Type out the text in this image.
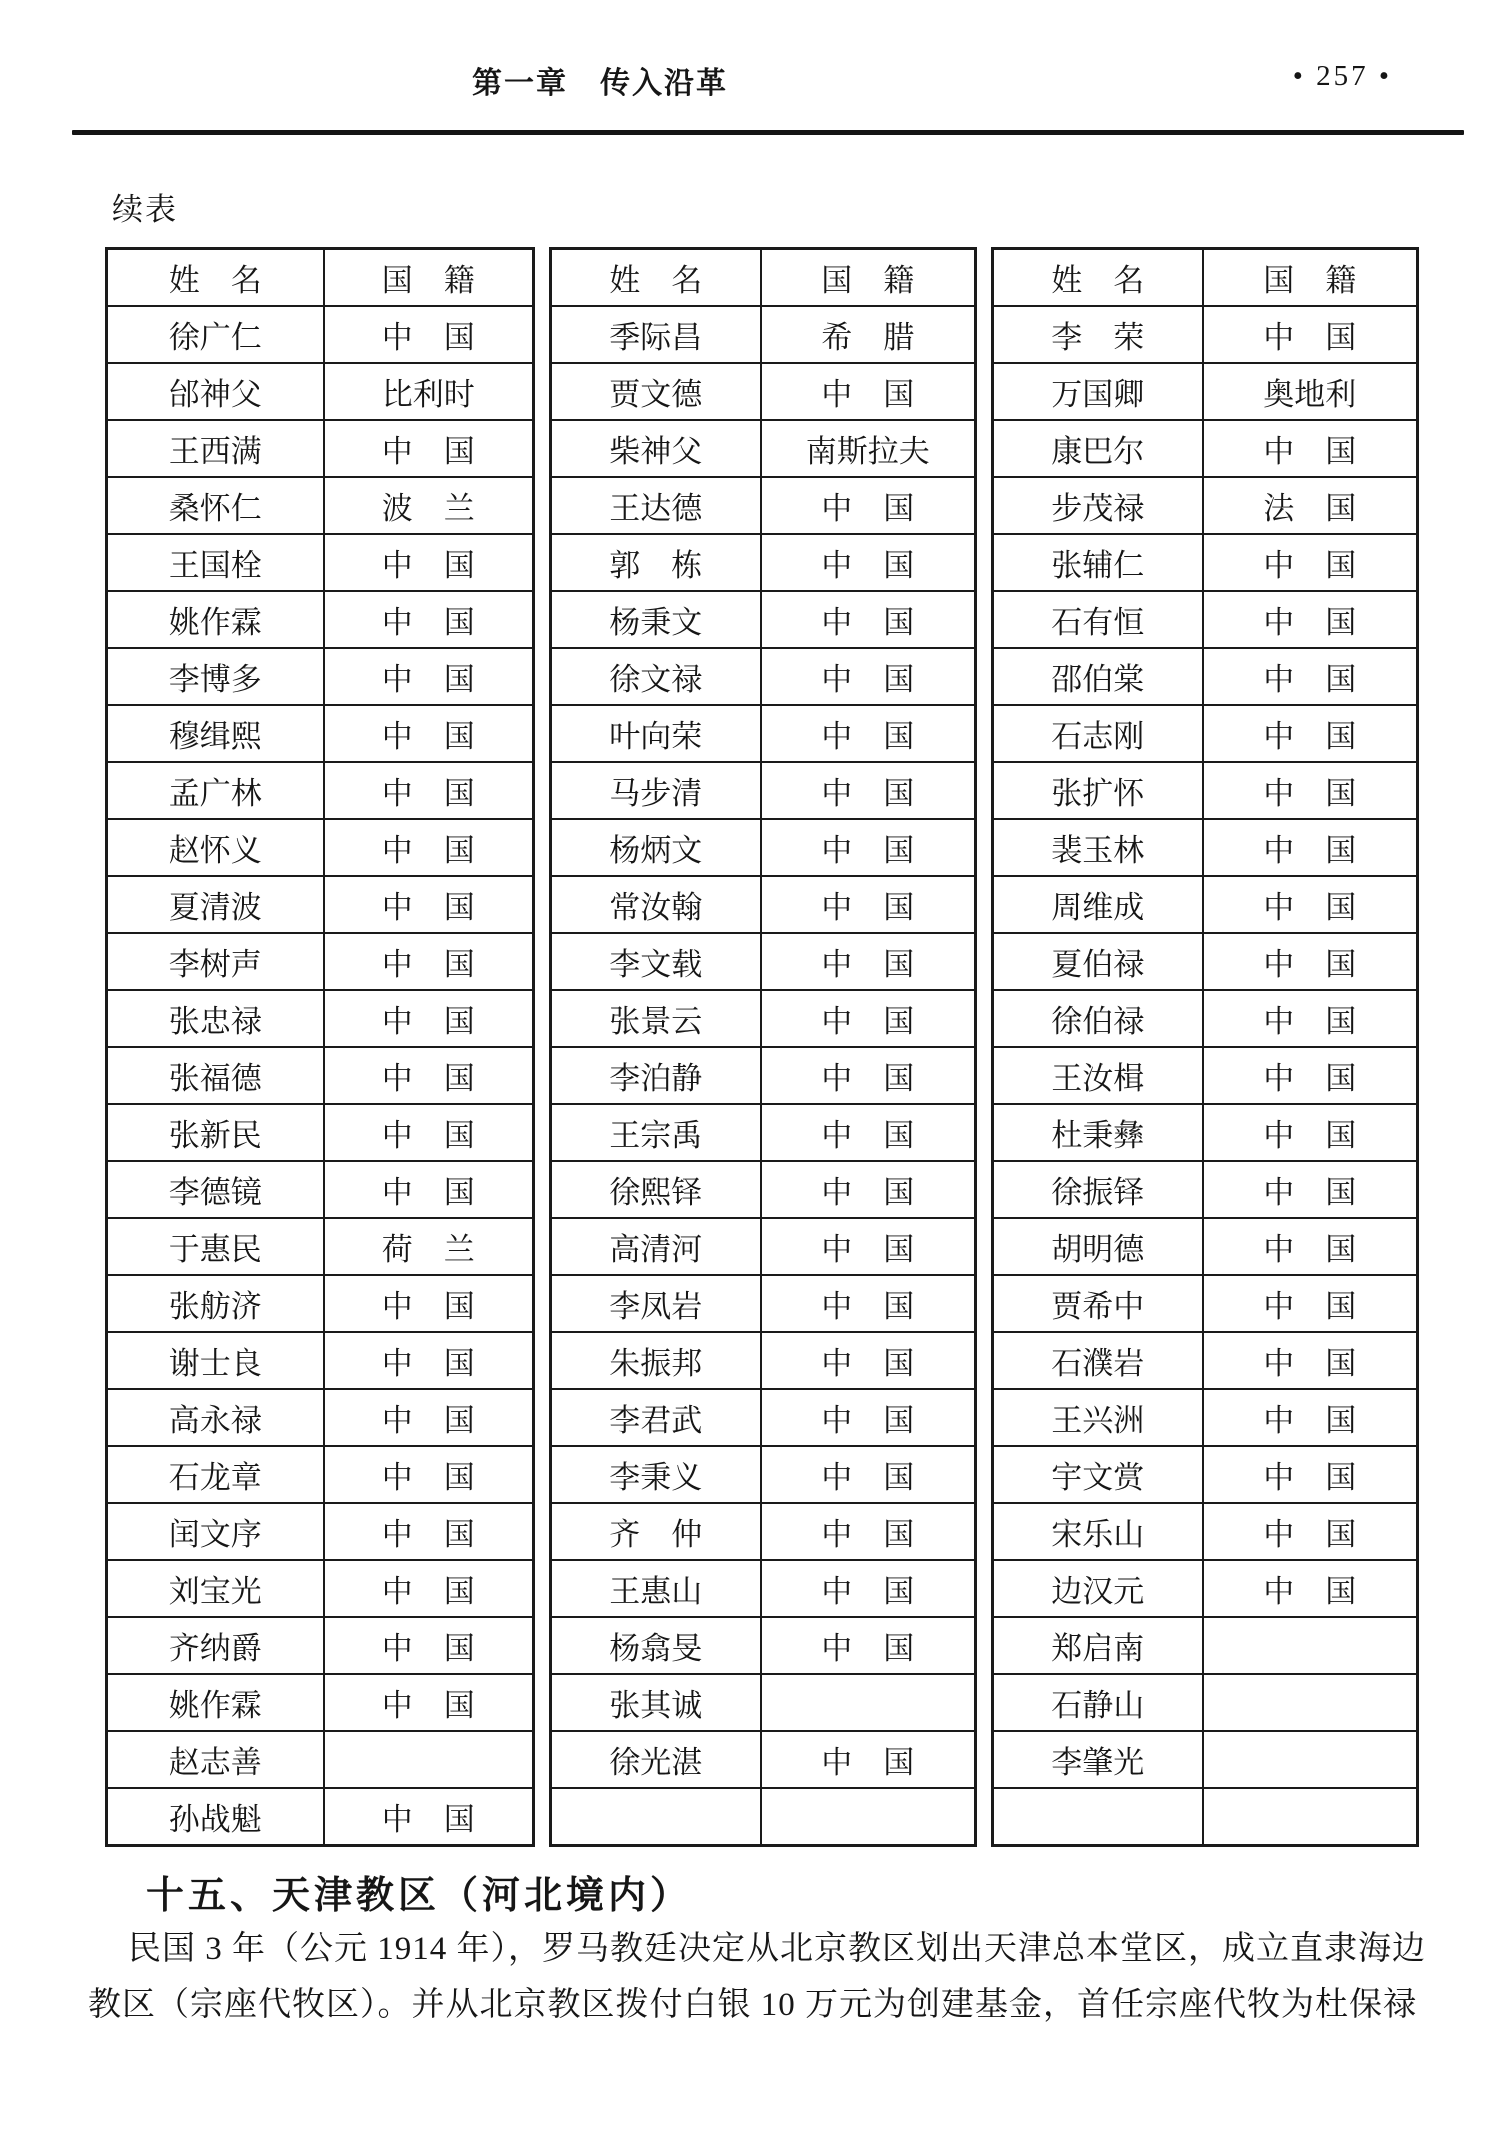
第一章　传入沿革	• 257 •
续表
姓　名	国　籍
徐广仁	中　国
邰神父	比利时
王西满	中　国
桑怀仁	波　兰
王国栓	中　国
姚作霖	中　国
李博多	中　国
穆缉熙	中　国
孟广林	中　国
赵怀义	中　国
夏清波	中　国
李树声	中　国
张忠禄	中　国
张福德	中　国
张新民	中　国
李德镜	中　国
于惠民	荷　兰
张舫济	中　国
谢士良	中　国
高永禄	中　国
石龙章	中　国
闰文序	中　国
刘宝光	中　国
齐纳爵	中　国
姚作霖	中　国
赵志善	
孙战魁	中　国
姓　名	国　籍
季际昌	希　腊
贾文德	中　国
柴神父	南斯拉夫
王达德	中　国
郭　栋	中　国
杨秉文	中　国
徐文禄	中　国
叶向荣	中　国
马步清	中　国
杨炳文	中　国
常汝翰	中　国
李文载	中　国
张景云	中　国
李泊静	中　国
王宗禹	中　国
徐熙铎	中　国
高清河	中　国
李凤岩	中　国
朱振邦	中　国
李君武	中　国
李秉义	中　国
齐　仲	中　国
王惠山	中　国
杨翕旻	中　国
张其诚	
徐光湛	中　国

姓　名	国　籍
李　荣	中　国
万国卿	奥地利
康巴尔	中　国
步茂禄	法　国
张辅仁	中　国
石有恒	中　国
邵伯棠	中　国
石志刚	中　国
张扩怀	中　国
裴玉林	中　国
周维成	中　国
夏伯禄	中　国
徐伯禄	中　国
王汝楫	中　国
杜秉彝	中　国
徐振铎	中　国
胡明德	中　国
贾希中	中　国
石濮岩	中　国
王兴洲	中　国
宇文赏	中　国
宋乐山	中　国
边汉元	中　国
郑启南	
石静山	
李肇光	

十五、天津教区（河北境内）
民国 3 年（公元 1914 年），罗马教廷决定从北京教区划出天津总本堂区，成立直隶海边
教区（宗座代牧区）。并从北京教区拨付白银 10 万元为创建基金，首任宗座代牧为杜保禄
